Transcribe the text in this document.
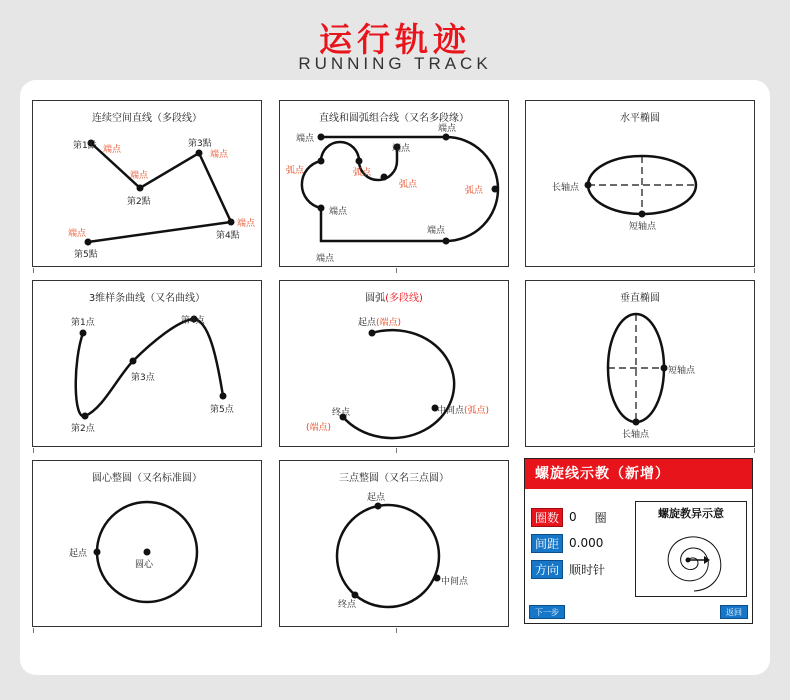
运行轨迹
RUNNING TRACK
连续空间直线（多段线）
第1點 端点
端点
第2點
第3點
端点
端点
第4點
端点
第5點
直线和圆弧组合线（又名多段缘）
端点
端点
端点
弧点	弧点
弧点
弧点
端点
端点
端点
水平椭圆
长轴点
短轴点
3维样条曲线（又名曲线）
第1点
第2点
第3点
第4点
第5点
圆弧(多段线)
起点(端点)
中间点(弧点)
终点
(端点)
垂直椭圆
短轴点
长轴点
圆心整圆（又名标准圆）
起点
圆心
三点整圆（又名三点圆）
起点
中间点
终点
螺旋线示教（新增）
圈数 0 圈
间距 0.000
方向 顺时针
螺旋教异示意
下一步	返回
